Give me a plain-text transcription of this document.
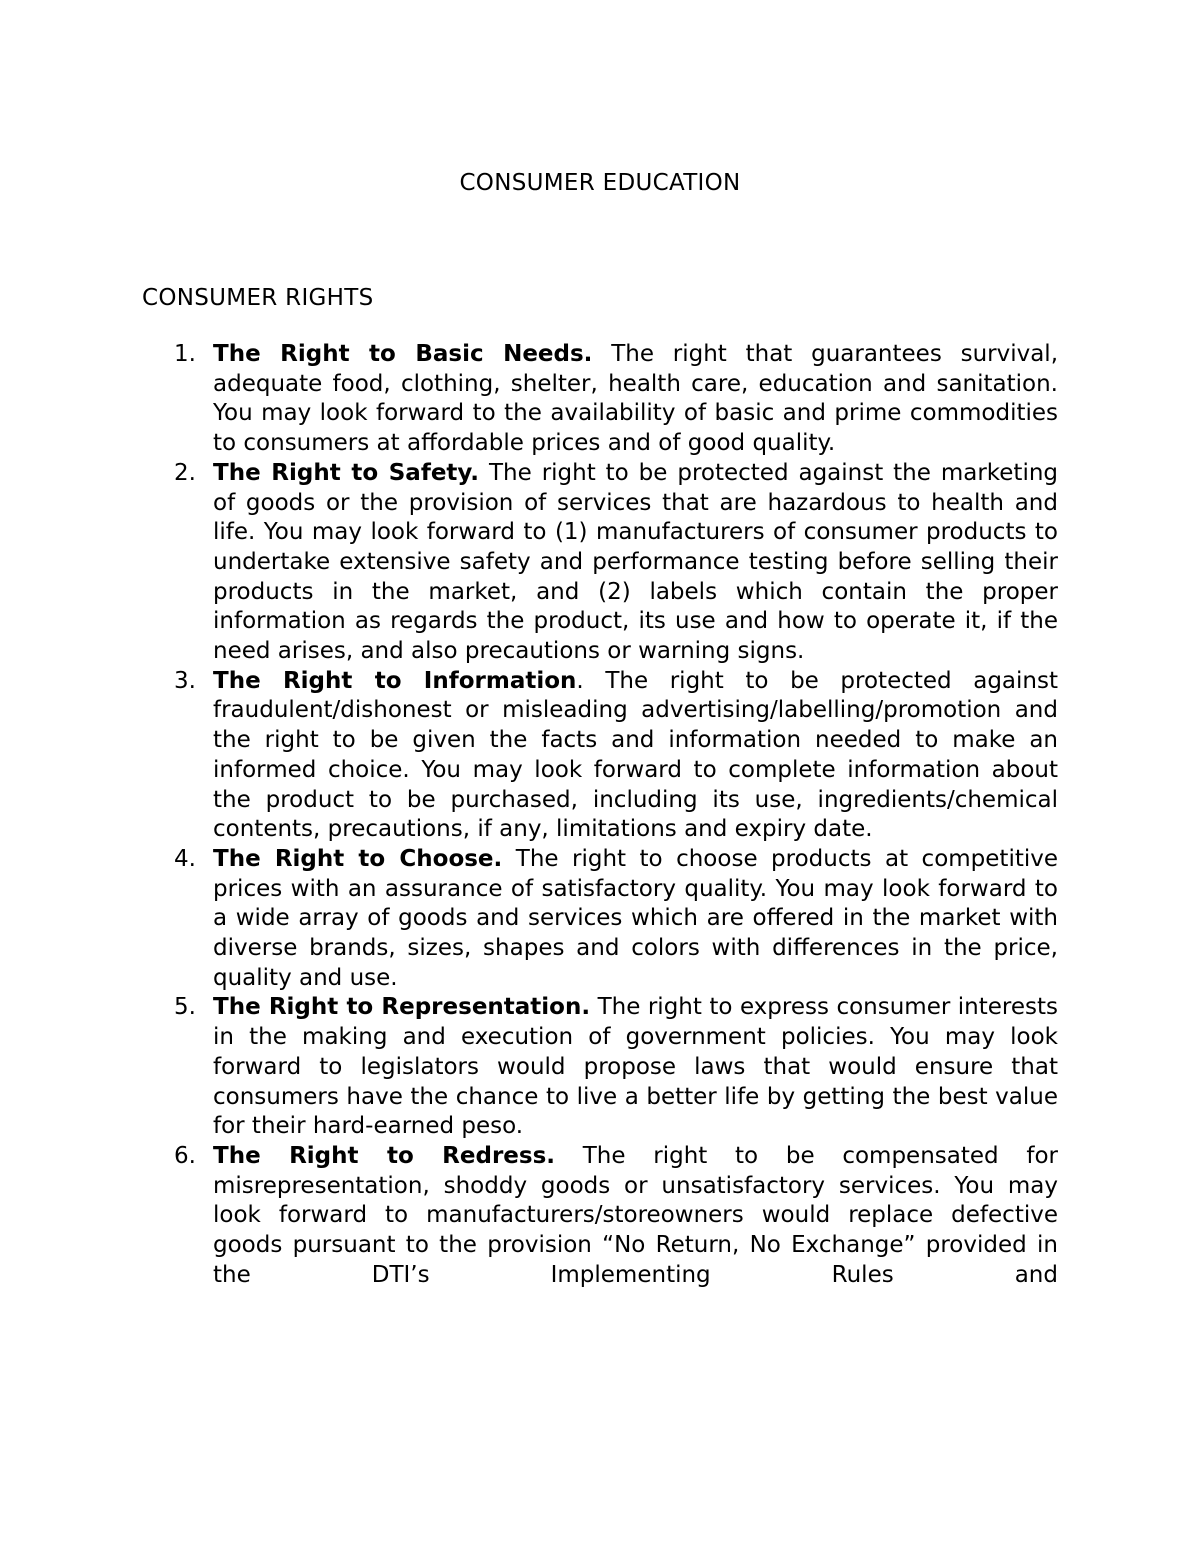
CONSUMER EDUCATION
CONSUMER RIGHTS
1. The Right to Basic Needs. The right that guarantees survival, adequate food, clothing, shelter, health care, education and sanitation. You may look forward to the availability of basic and prime commodities to consumers at affordable prices and of good quality.
2. The Right to Safety. The right to be protected against the marketing of goods or the provision of services that are hazardous to health and life. You may look forward to (1) manufacturers of consumer products to undertake extensive safety and performance testing before selling their products in the market, and (2) labels which contain the proper information as regards the product, its use and how to operate it, if the need arises, and also precautions or warning signs.
3. The Right to Information. The right to be protected against fraudulent/dishonest or misleading advertising/labelling/promotion and the right to be given the facts and information needed to make an informed choice. You may look forward to complete information about the product to be purchased, including its use, ingredients/chemical contents, precautions, if any, limitations and expiry date.
4. The Right to Choose. The right to choose products at competitive prices with an assurance of satisfactory quality. You may look forward to a wide array of goods and services which are offered in the market with diverse brands, sizes, shapes and colors with differences in the price, quality and use.
5. The Right to Representation. The right to express consumer interests in the making and execution of government policies. You may look forward to legislators would propose laws that would ensure that consumers have the chance to live a better life by getting the best value for their hard-earned peso.
6. The Right to Redress. The right to be compensated for misrepresentation, shoddy goods or unsatisfactory services. You may look forward to manufacturers/storeowners would replace defective goods pursuant to the provision “No Return, No Exchange” provided in the DTI’s Implementing Rules and
